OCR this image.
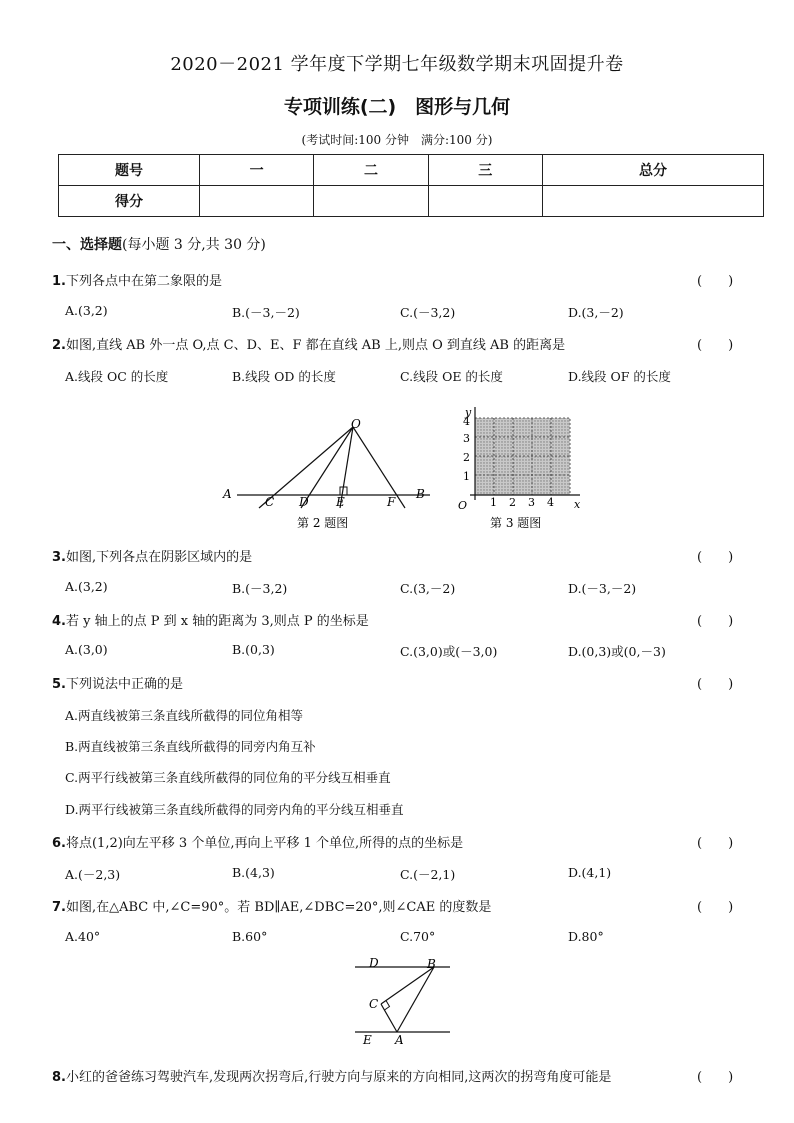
2020－2021 学年度下学期七年级数学期末巩固提升卷
专项训练(二)　图形与几何
(考试时间:100 分钟　满分:100 分)
题号	一	二	三	总分
得分				
一、选择题(每小题 3 分,共 30 分)
1.下列各点中在第二象限的是	(　　)
A.(3,2)	B.(－3,－2)	C.(－3,2)	D.(3,－2)
2.如图,直线 AB 外一点 O,点 C、D、E、F 都在直线 AB 上,则点 O 到直线 AB 的距离是	(　　)
A.线段 OC 的长度	B.线段 OD 的长度	C.线段 OE 的长度	D.线段 OF 的长度
O
A
C D E	F
B
第 2 题图
y
x
O
4
3
2
1
1 2 3 4
第 3 题图
3.如图,下列各点在阴影区域内的是	(　　)
A.(3,2)	B.(－3,2)	C.(3,－2)	D.(－3,－2)
4.若 y 轴上的点 P 到 x 轴的距离为 3,则点 P 的坐标是	(　　)
A.(3,0)	B.(0,3)	C.(3,0)或(－3,0)	D.(0,3)或(0,－3)
5.下列说法中正确的是	(　　)
A.两直线被第三条直线所截得的同位角相等
B.两直线被第三条直线所截得的同旁内角互补
C.两平行线被第三条直线所截得的同位角的平分线互相垂直
D.两平行线被第三条直线所截得的同旁内角的平分线互相垂直
6.将点(1,2)向左平移 3 个单位,再向上平移 1 个单位,所得的点的坐标是	(　　)
A.(－2,3)	B.(4,3)	C.(－2,1)	D.(4,1)
7.如图,在△ABC 中,∠C=90°。若 BD∥AE,∠DBC=20°,则∠CAE 的度数是	(　　)
A.40°	B.60°	C.70°	D.80°
D	B
C
E A
8.小红的爸爸练习驾驶汽车,发现两次拐弯后,行驶方向与原来的方向相同,这两次的拐弯角度可能是	(　　)
